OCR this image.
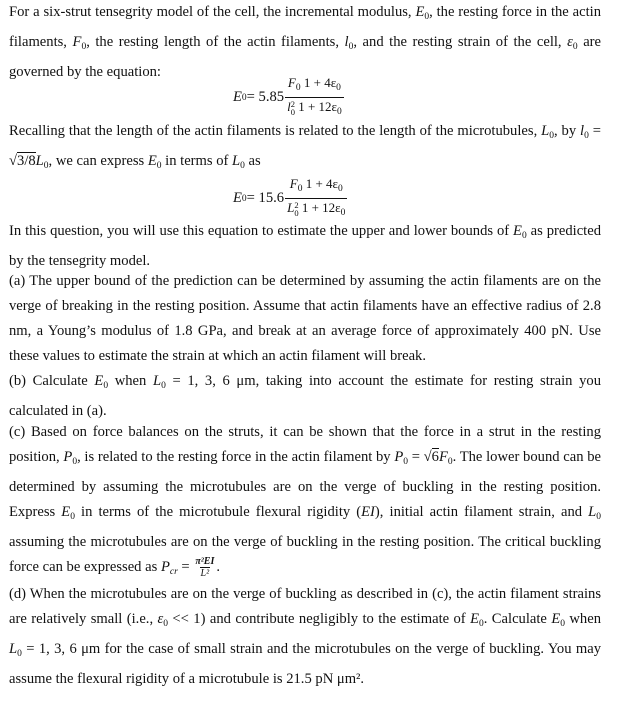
For a six-strut tensegrity model of the cell, the incremental modulus, $E_0$, the resting force in the actin filaments, $F_0$, the resting length of the actin filaments, $l_0$, and the resting strain of the cell, $\varepsilon_0$ are governed by the equation:
E 0 = 5.85 $F_0$ $1 + 4\varepsilon_0$
l 2
0 $1 + 12\varepsilon_0$
Recalling that the length of the actin filaments is related to the length of the microtubules, $L_0$, by $l_0 = √3/8L_0$, we can express $E_0$ in terms of $L_0$ as
E 0 = 15.6 $F_0$ $1 + 4\varepsilon_0$
L 2
0 $1 + 12\varepsilon_0$
In this question, you will use this equation to estimate the upper and lower bounds of $E_0$ as predicted by the tensegrity model.
(a) The upper bound of the prediction can be determined by assuming the actin filaments are on the verge of breaking in the resting position. Assume that actin filaments have an effective radius of 2.8 nm, a Young’s modulus of 1.8 GPa, and break at an average force of approximately 400 pN. Use these values to estimate the strain at which an actin filament will break.
(b) Calculate $E_0$ when $L_0 = 1$, 3, 6 μm, taking into account the estimate for resting strain you calculated in (a).
(c) Based on force balances on the struts, it can be shown that the force in a strut in the resting position, $P_0$, is related to the resting force in the actin filament by $P_0 = √6F_0$. The lower bound can be determined by assuming the microtubules are on the verge of buckling in the resting position. Express $E_0$ in terms of the microtubule flexural rigidity (EI), initial actin filament strain, and $L_0$ assuming the microtubules are on the verge of buckling in the resting position. The critical buckling force can be expressed as $P_{cr} = \frac{\text{π²EI}}{\text{L²}}$ .
(d) When the microtubules are on the verge of buckling as described in (c), the actin filament strains are relatively small (i.e., $\varepsilon_0 << 1$) and contribute negligibly to the estimate of $E_0$. Calculate $E_0$ when $L_0 = 1$, 3, 6 μm for the case of small strain and the microtubules on the verge of buckling. You may assume the flexural rigidity of a microtubule is 21.5 pN μm².
